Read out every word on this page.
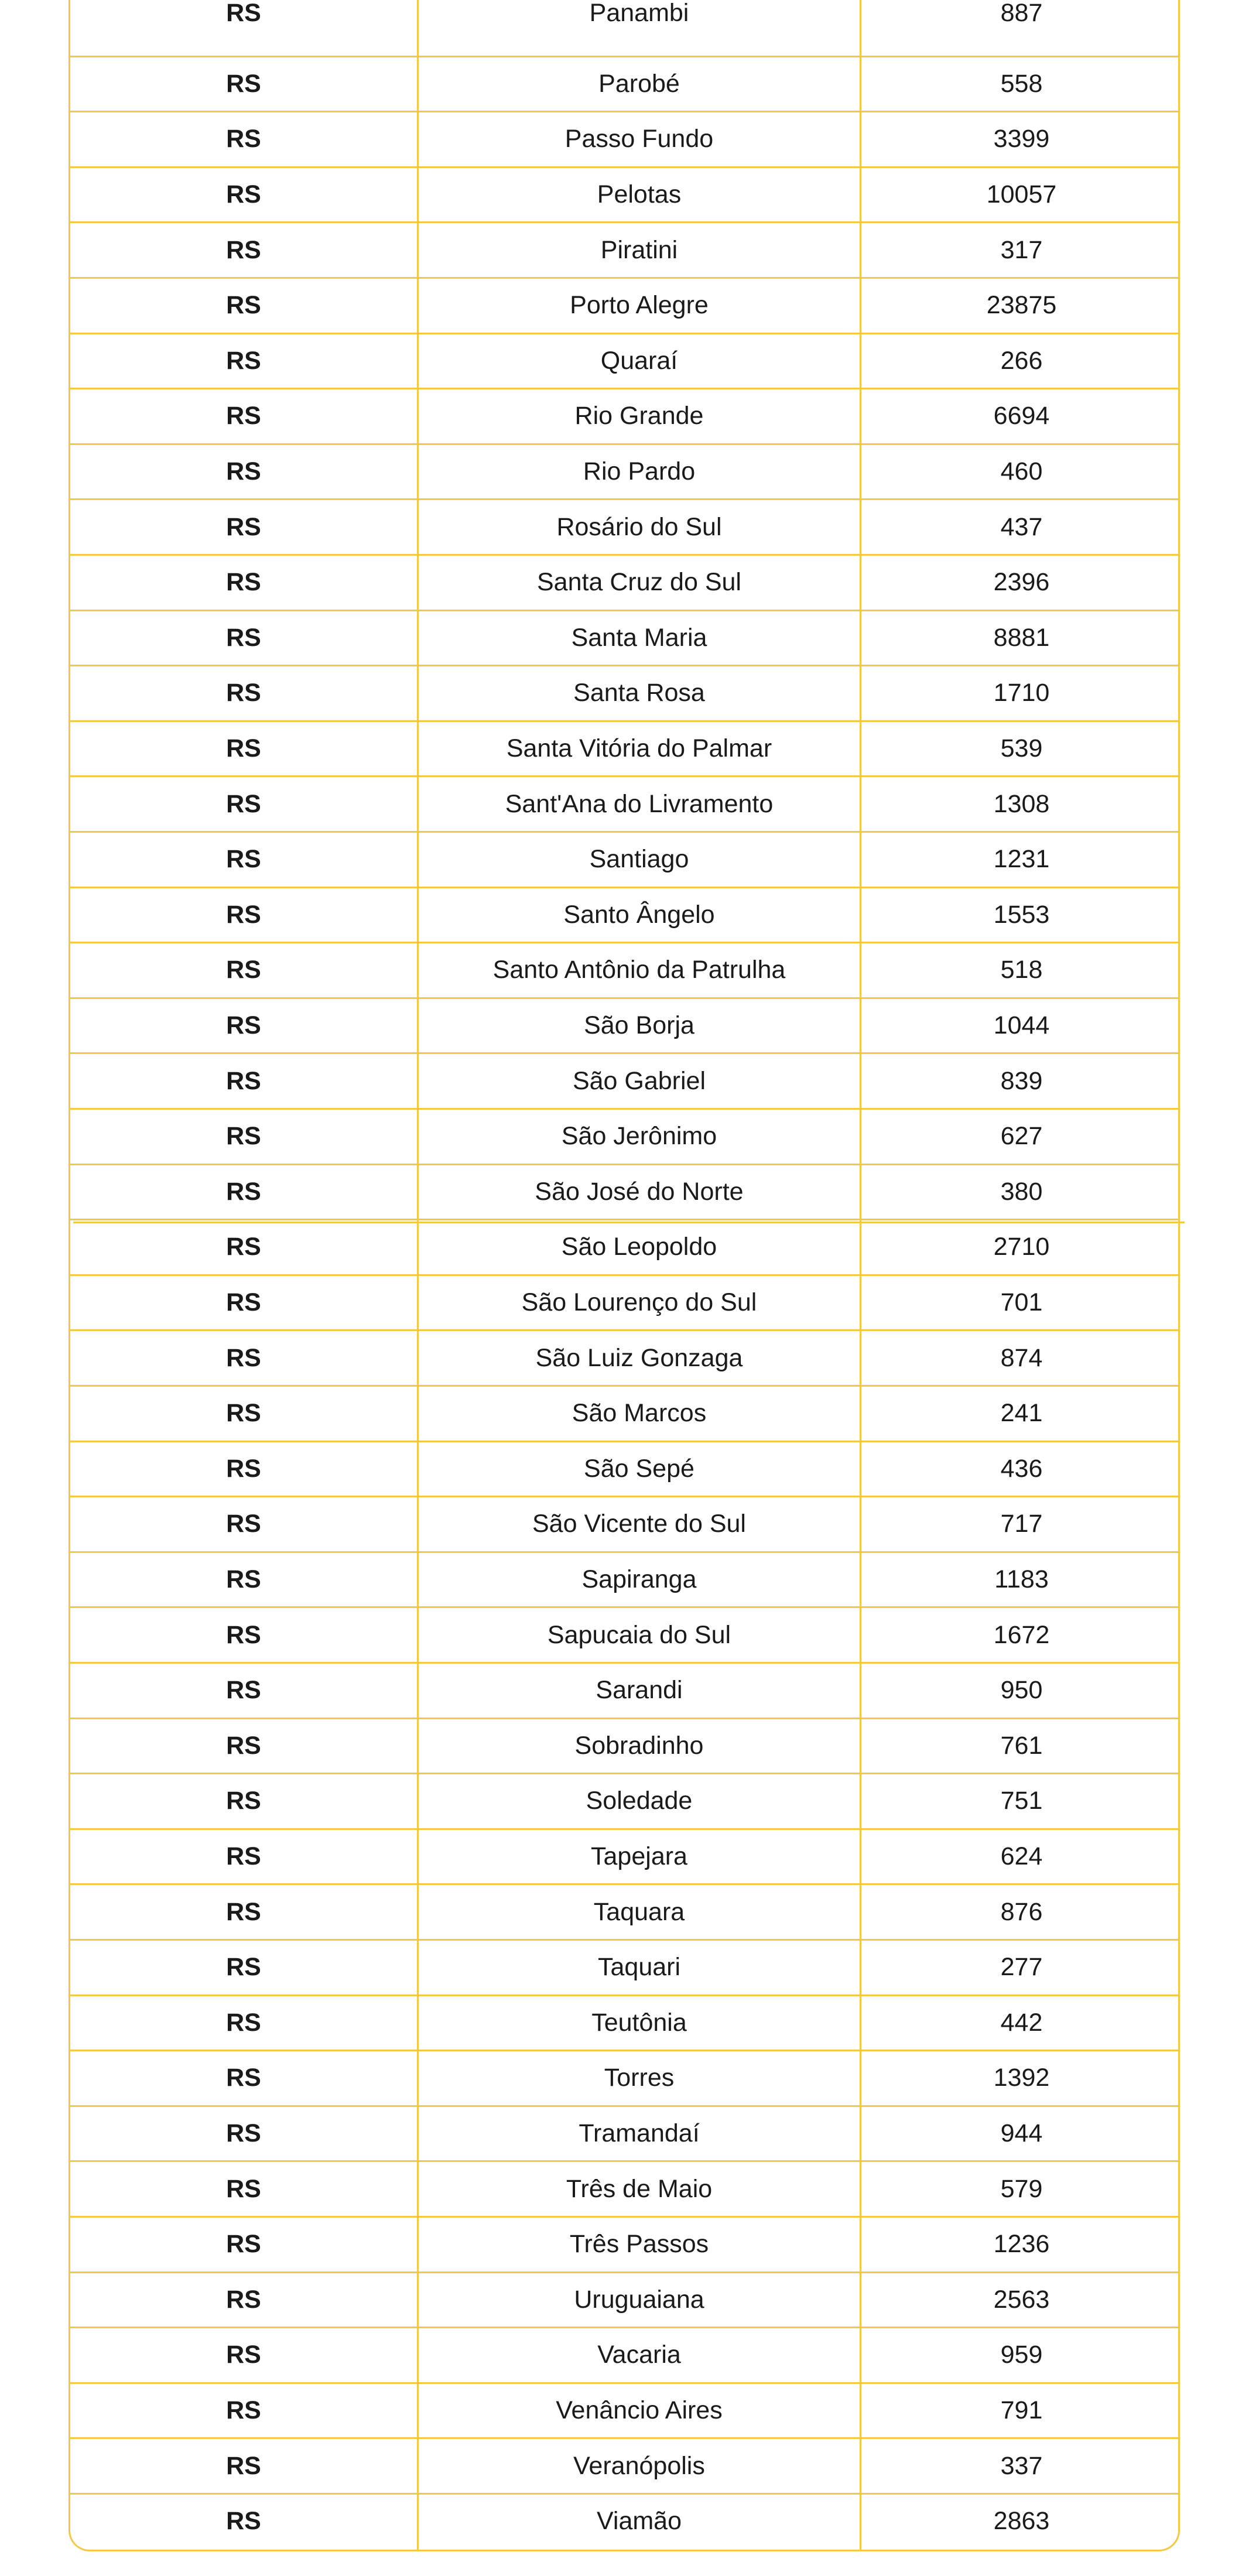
RS	Panambi	887
RS	Parobé	558
RS	Passo Fundo	3399
RS	Pelotas	10057
RS	Piratini	317
RS	Porto Alegre	23875
RS	Quaraí	266
RS	Rio Grande	6694
RS	Rio Pardo	460
RS	Rosário do Sul	437
RS	Santa Cruz do Sul	2396
RS	Santa Maria	8881
RS	Santa Rosa	1710
RS	Santa Vitória do Palmar	539
RS	Sant'Ana do Livramento	1308
RS	Santiago	1231
RS	Santo Ângelo	1553
RS	Santo Antônio da Patrulha	518
RS	São Borja	1044
RS	São Gabriel	839
RS	São Jerônimo	627
RS	São José do Norte	380
RS	São Leopoldo	2710
RS	São Lourenço do Sul	701
RS	São Luiz Gonzaga	874
RS	São Marcos	241
RS	São Sepé	436
RS	São Vicente do Sul	717
RS	Sapiranga	1183
RS	Sapucaia do Sul	1672
RS	Sarandi	950
RS	Sobradinho	761
RS	Soledade	751
RS	Tapejara	624
RS	Taquara	876
RS	Taquari	277
RS	Teutônia	442
RS	Torres	1392
RS	Tramandaí	944
RS	Três de Maio	579
RS	Três Passos	1236
RS	Uruguaiana	2563
RS	Vacaria	959
RS	Venâncio Aires	791
RS	Veranópolis	337
RS	Viamão	2863
